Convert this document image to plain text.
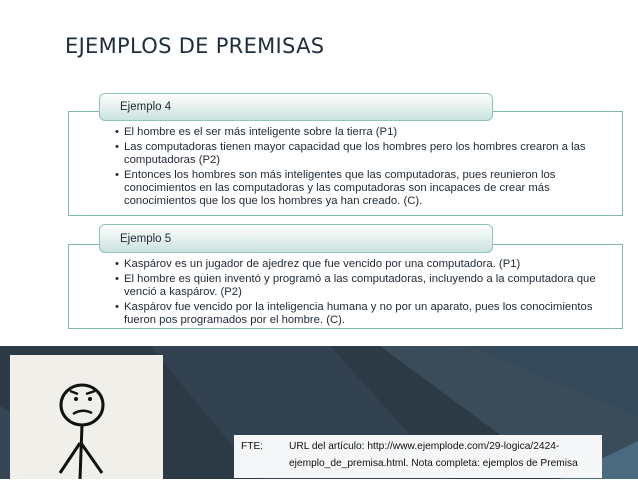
EJEMPLOS DE PREMISAS
• El hombre es el ser más inteligente sobre la tierra (P1)
• Las computadoras tienen mayor capacidad que los hombres pero los hombres crearon a las computadoras (P2)
• Entonces los hombres son más inteligentes que las computadoras, pues reunieron los conocimientos en las computadoras y las computadoras son incapaces de crear más conocimientos que los que los hombres ya han creado. (C).
Ejemplo 4
• Kaspárov es un jugador de ajedrez que fue vencido por una computadora. (P1)
• El hombre es quien inventó y programó a las computadoras, incluyendo a la computadora que venció a kaspárov. (P2)
• Kaspárov fue vencido por la inteligencia humana y no por un aparato, pues los conocimientos fueron pos programados por el hombre. (C).
Ejemplo 5
FTE:	URL del artículo: http://www.ejemplode.com/29-logica/2424-
ejemplo_de_premisa.html. Nota completa: ejemplos de Premisa
